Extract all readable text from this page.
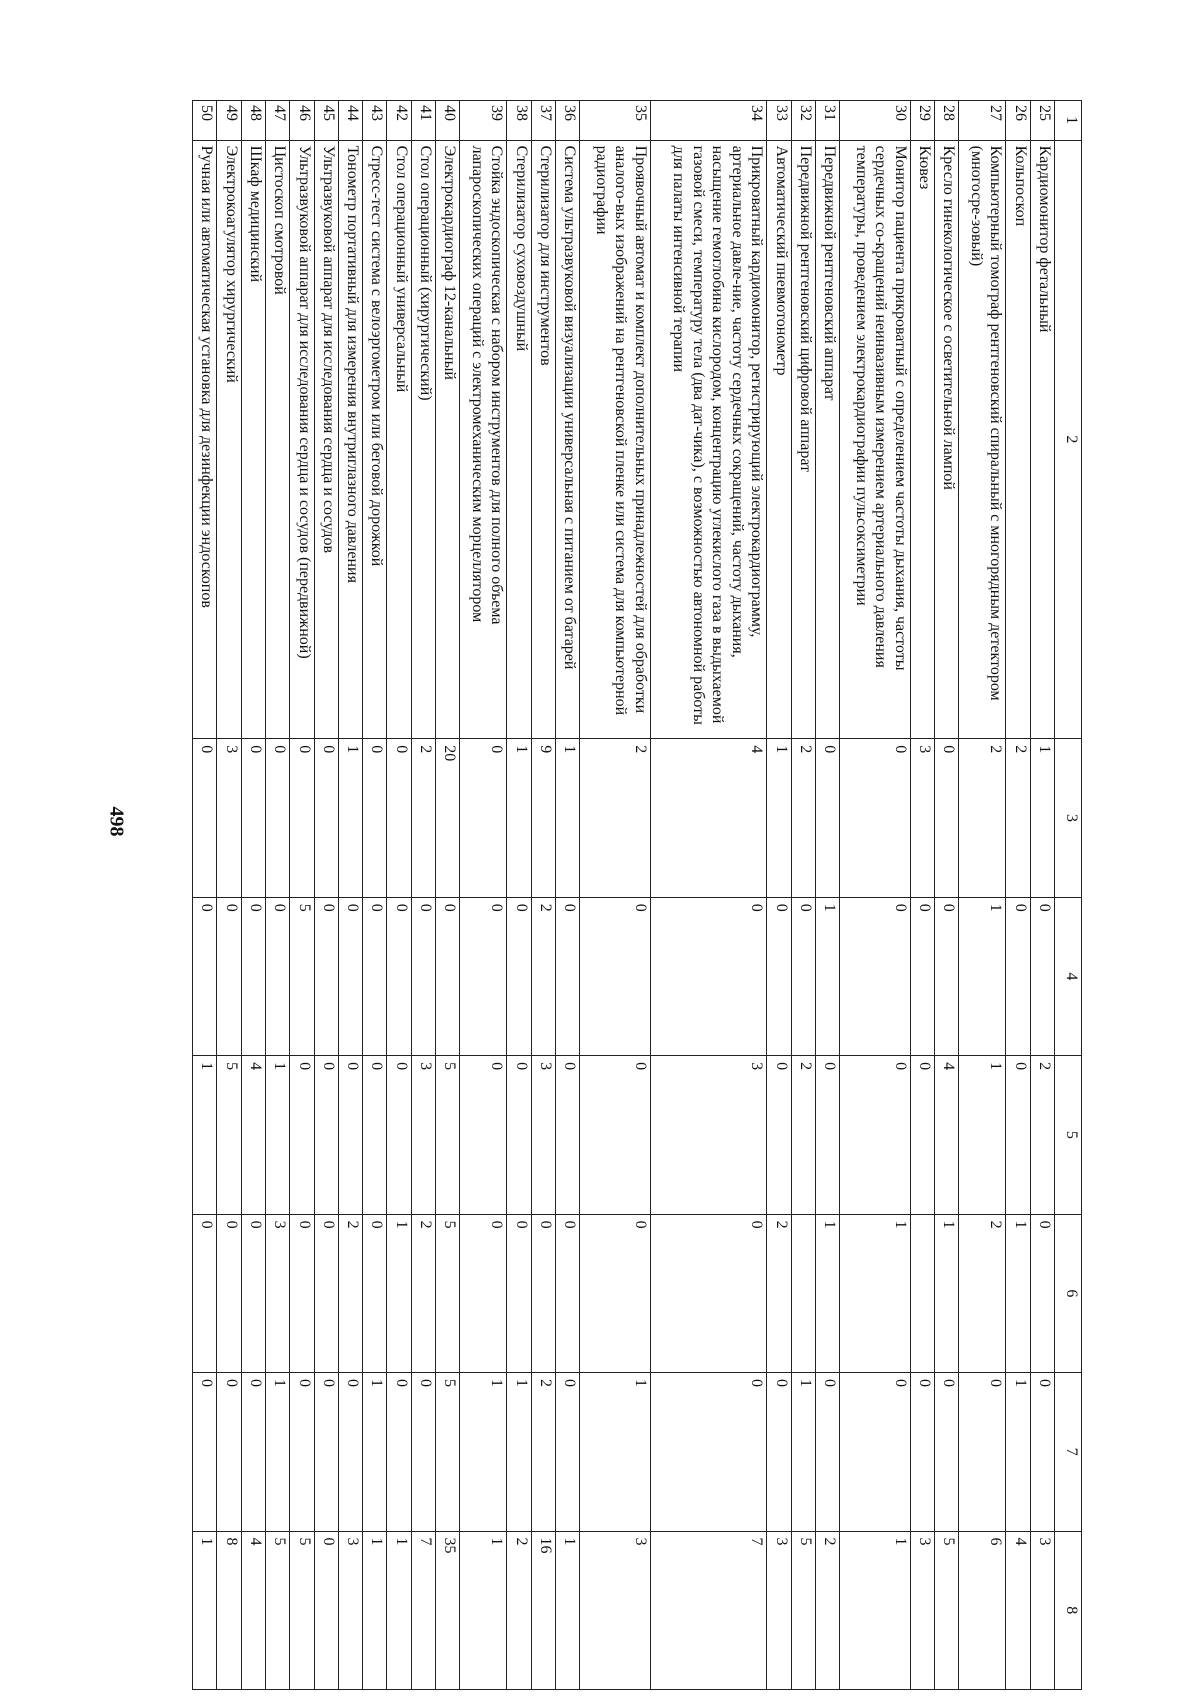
498
1	2	3	4	5	6	7	8
25	Кардиомонитор фетальный	1	0	2	0	0	3
26	Кольпоскоп	2	0	0	1	1	4
27	Компьютерный томограф рентгеновский спиральный с многорядным детектором (многосре-зовый)	2	1	1	2	0	6
28	Кресло гинекологическое с осветительной лампой	0	0	4	1	0	5
29	Кювез	3	0	0		0	3
30	Монитор пациента прикроватный с определением частоты дыхания, частоты сердечных со-кращений неинвазивным измерением артериального давления температуры, проведением электрокардиографии пульсоксиметрии	0	0	0	1	0	1
31	Передвижной рентгеновский аппарат	0	1	0	1	0	2
32	Передвижной рентгеновский цифровой аппарат	2	0	2		1	5
33	Автоматический пневмотонометр	1	0	0	2	0	3
34	Прикроватный кардиомонитор, регистрирующий электрокардиограмму, артериальное давле-ние, частоту сердечных сокращений, частоту дыхания, насыщение гемоглобина кислородом, концентрацию углекислого газа в выдыхаемой газовой смеси, температуру тела (два дат-чика), с возможностью автономной работы для палаты интенсивной терапии	4	0	3	0	0	7
35	Проявочный автомат и комплект дополнительных принадлежностей для обработки аналого-вых изображений на рентгеновской пленке или система для компьютерной радиографии	2	0	0	0	1	3
36	Система ультразвуковой визуализации универсальная с питанием от батарей	1	0	0	0	0	1
37	Стерилизатор для инструментов	9	2	3	0	2	16
38	Стерилизатор суховоздушный	1	0	0	0	1	2
39	Стойка эндоскопическая с набором инструментов для полного объема лапароскопических операций с электромеханическим морцеллятором	0	0	0	0	1	1
40	Электрокардиограф 12-канальный	20	0	5	5	5	35
41	Стол операционный (хирургический)	2	0	3	2	0	7
42	Стол операционный универсальный	0	0	0	1	0	1
43	Стресс-тест система с велоэргометром или беговой дорожкой	0	0	0	0	1	1
44	Тонометр портативный для измерения внутриглазного давления	1	0	0	2	0	3
45	Ультразвуковой аппарат для исследования сердца и сосудов	0	0	0	0	0	0
46	Ультразвуковой аппарат для исследования сердца и сосудов (передвижной)	0	5	0	0	0	5
47	Цистоскоп смотровой	0	0	1	3	1	5
48	Шкаф медицинский	0	0	4	0	0	4
49	Электрокоагулятор хирургический	3	0	5	0	0	8
50	Ручная или автоматическая установка для дезинфекции эндоскопов	0	0	1	0	0	1
